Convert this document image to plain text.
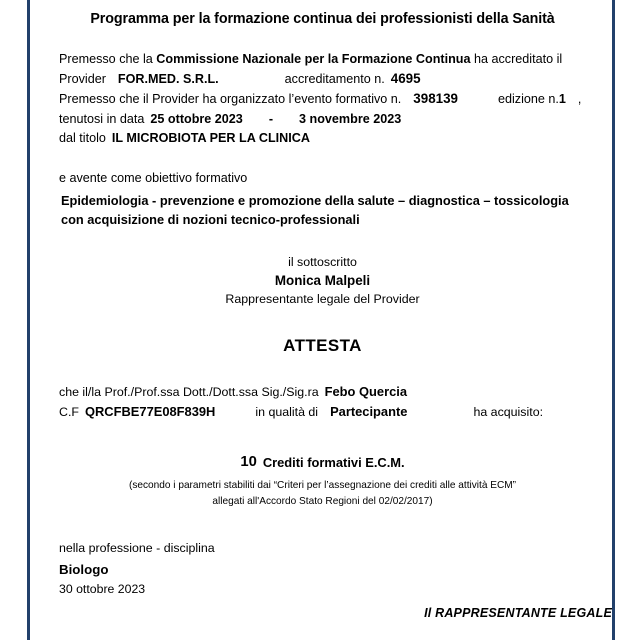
Programma per la formazione continua dei professionisti della Sanità
Premesso che la Commissione Nazionale per la Formazione Continua ha accreditato il
Provider FOR.MED. S.R.L.	accreditamento n. 4695
Premesso che il Provider ha organizzato l’evento formativo n. 398139	edizione n.1 ,
tenutosi in data 25 ottobre 2023 - 3 novembre 2023
dal titolo IL MICROBIOTA PER LA CLINICA
e avente come obiettivo formativo
Epidemiologia - prevenzione e promozione della salute – diagnostica – tossicologia
con acquisizione di nozioni tecnico-professionali
il sottoscritto
Monica Malpeli
Rappresentante legale del Provider
ATTESTA
che il/la Prof./Prof.ssa Dott./Dott.ssa Sig./Sig.ra Febo Quercia
C.F QRCFBE77E08F839H	in qualità di Partecipante	ha acquisito:
10 Crediti formativi E.C.M.
(secondo i parametri stabiliti dai “Criteri per l’assegnazione dei crediti alle attività ECM”
allegati all'Accordo Stato Regioni del 02/02/2017)
nella professione - disciplina
Biologo
30 ottobre 2023
Il RAPPRESENTANTE LEGALE
